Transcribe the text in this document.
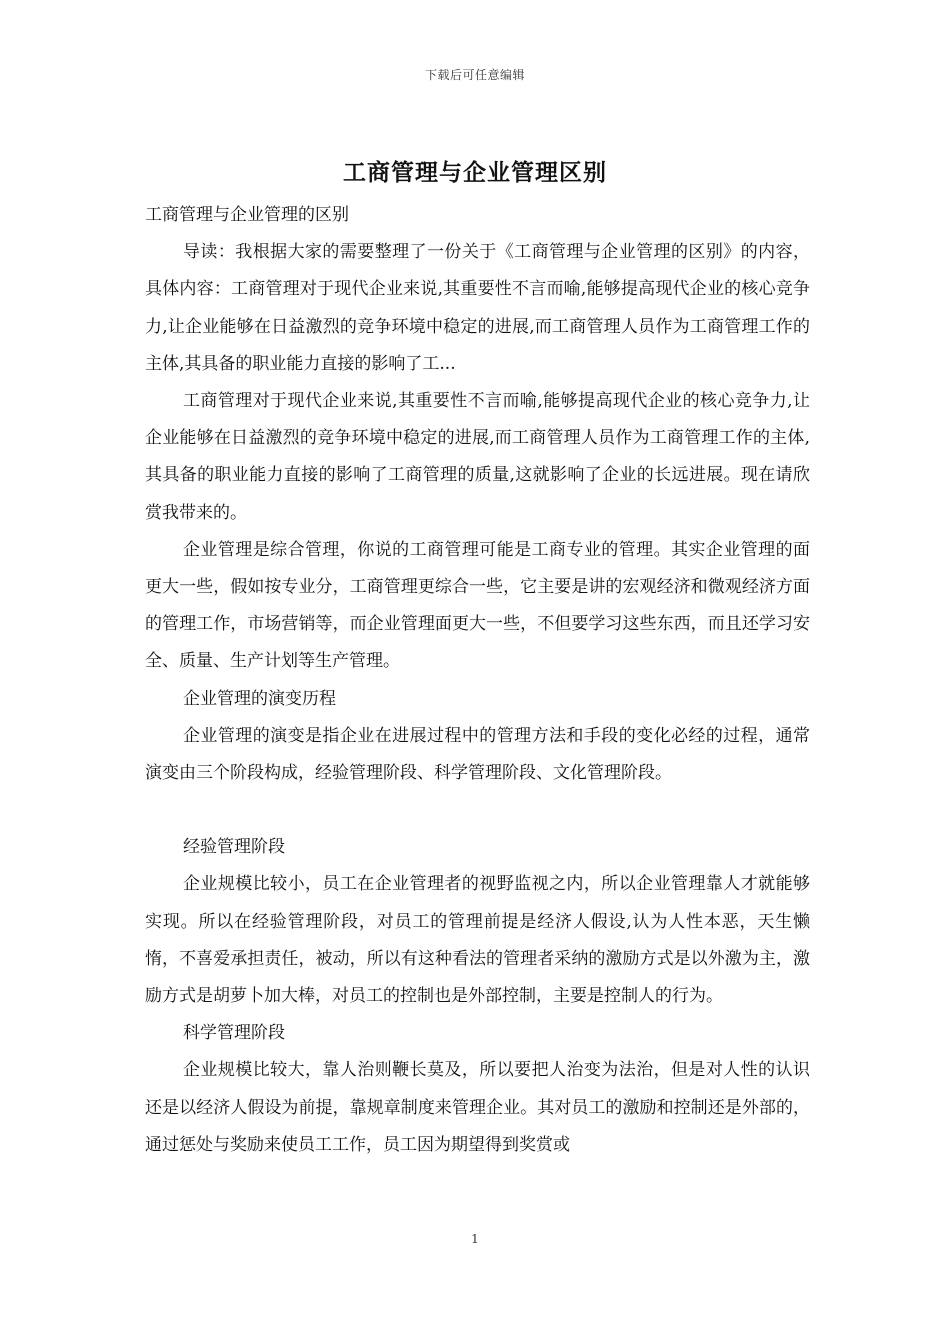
下载后可任意编辑
工商管理与企业管理区别

工商管理与企业管理的区别

导读：我根据大家的需要整理了一份关于《工商管理与企业管理的区别》的内容，具体内容：工商管理对于现代企业来说,其重要性不言而喻,能够提高现代企业的核心竞争力,让企业能够在日益激烈的竞争环境中稳定的进展,而工商管理人员作为工商管理工作的主体,其具备的职业能力直接的影响了工...

工商管理对于现代企业来说,其重要性不言而喻,能够提高现代企业的核心竞争力,让企业能够在日益激烈的竞争环境中稳定的进展,而工商管理人员作为工商管理工作的主体,其具备的职业能力直接的影响了工商管理的质量,这就影响了企业的长远进展。现在请欣赏我带来的。

企业管理是综合管理，你说的工商管理可能是工商专业的管理。其实企业管理的面更大一些，假如按专业分，工商管理更综合一些，它主要是讲的宏观经济和微观经济方面的管理工作，市场营销等，而企业管理面更大一些，不但要学习这些东西，而且还学习安全、质量、生产计划等生产管理。

企业管理的演变历程

企业管理的演变是指企业在进展过程中的管理方法和手段的变化必经的过程，通常演变由三个阶段构成，经验管理阶段、科学管理阶段、文化管理阶段。

经验管理阶段

企业规模比较小，员工在企业管理者的视野监视之内，所以企业管理靠人才就能够实现。所以在经验管理阶段，对员工的管理前提是经济人假设,认为人性本恶，天生懒惰，不喜爱承担责任，被动，所以有这种看法的管理者采纳的激励方式是以外激为主，激励方式是胡萝卜加大棒，对员工的控制也是外部控制，主要是控制人的行为。

科学管理阶段

企业规模比较大，靠人治则鞭长莫及，所以要把人治变为法治，但是对人性的认识还是以经济人假设为前提，靠规章制度来管理企业。其对员工的激励和控制还是外部的，通过惩处与奖励来使员工工作，员工因为期望得到奖赏或

1
